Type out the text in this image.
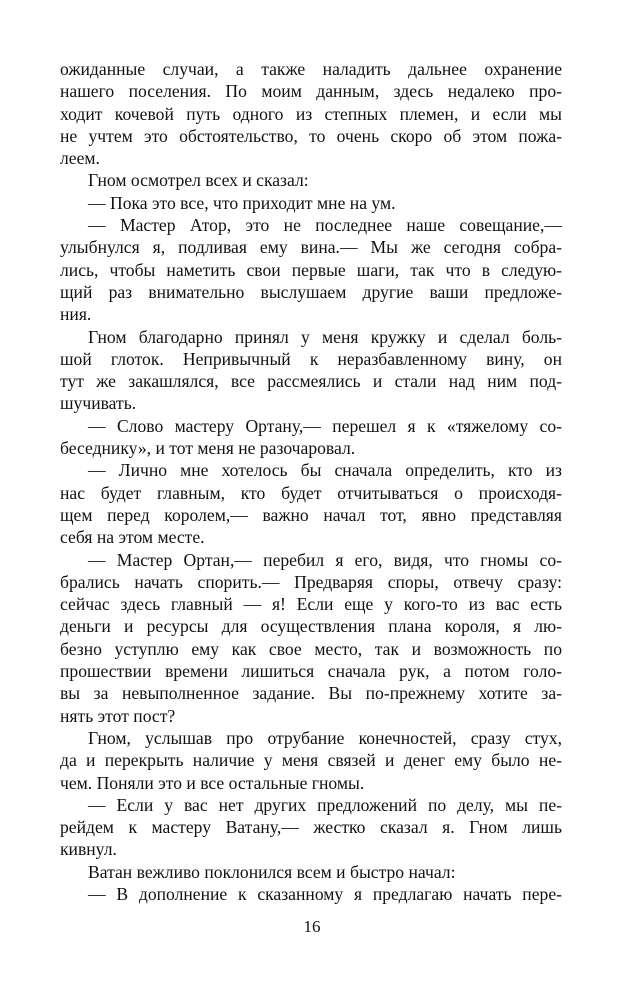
ожиданные случаи, а также наладить дальнее охранение
нашего поселения. По моим данным, здесь недалеко про-
ходит кочевой путь одного из степных племен, и если мы
не учтем это обстоятельство, то очень скоро об этом пожа-
леем.
Гном осмотрел всех и сказал:
— Пока это все, что приходит мне на ум.
— Мастер Атор, это не последнее наше совещание,—
улыбнулся я, подливая ему вина.— Мы же сегодня собра-
лись, чтобы наметить свои первые шаги, так что в следую-
щий раз внимательно выслушаем другие ваши предложе-
ния.
Гном благодарно принял у меня кружку и сделал боль-
шой глоток. Непривычный к неразбавленному вину, он
тут же закашлялся, все рассмеялись и стали над ним под-
шучивать.
— Слово мастеру Ортану,— перешел я к «тяжелому со-
беседнику», и тот меня не разочаровал.
— Лично мне хотелось бы сначала определить, кто из
нас будет главным, кто будет отчитываться о происходя-
щем перед королем,— важно начал тот, явно представляя
себя на этом месте.
— Мастер Ортан,— перебил я его, видя, что гномы со-
брались начать спорить.— Предваряя споры, отвечу сразу:
сейчас здесь главный — я! Если еще у кого-то из вас есть
деньги и ресурсы для осуществления плана короля, я лю-
безно уступлю ему как свое место, так и возможность по
прошествии времени лишиться сначала рук, а потом голо-
вы за невыполненное задание. Вы по-прежнему хотите за-
нять этот пост?
Гном, услышав про отрубание конечностей, сразу стух,
да и перекрыть наличие у меня связей и денег ему было не-
чем. Поняли это и все остальные гномы.
— Если у вас нет других предложений по делу, мы пе-
рейдем к мастеру Ватану,— жестко сказал я. Гном лишь
кивнул.
Ватан вежливо поклонился всем и быстро начал:
— В дополнение к сказанному я предлагаю начать пере-
16
